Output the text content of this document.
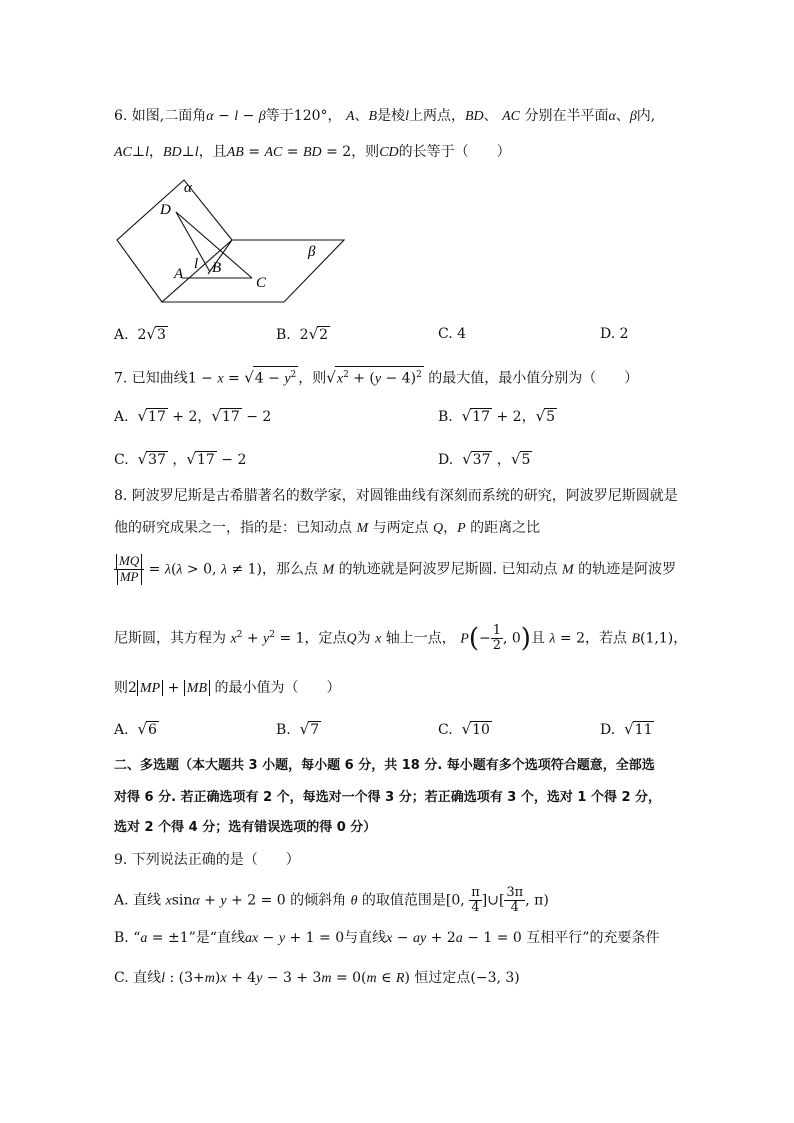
6. 如图,二面角α − l − β等于120°， A、B是棱l上两点，BD、 AC 分别在半平面α、β内,
AC⊥l，BD⊥l，且AB = AC = BD = 2，则CD的长等于（　　）
α
β
D
A
l B
C
A.  2√3	B.  2√2	C. 4	D. 2
7. 已知曲线$1 - x = √4 - y^2$ ，则$√x^2 + (y - 4)^2$ 的最大值，最小值分别为（　　）
A. √17 + 2，√17 − 2	B. √17 + 2，√5
C. √37 ，√17 − 2	D. √37 ，√5
8. 阿波罗尼斯是古希腊著名的数学家，对圆锥曲线有深刻而系统的研究，阿波罗尼斯圆就是
他的研究成果之一，指的是：已知动点 M 与两定点 Q，P 的距离之比
$\frac{MQ}{MP} = \lambda(\lambda > 0$, λ ≠ 1)，那么点 M 的轨迹就是阿波罗尼斯圆. 已知动点 M 的轨迹是阿波罗
尼斯圆，其方程为 $x^2 + y^2 = 1$，定点Q为 x 轴上一点， $P(- \frac{1}{2}$ , 0)且 λ = 2，若点 B(1,1)，
则2 MP + MB 的最小值为（　　）
A. √6	B. √7	C. √10	D. √11
二、多选题（本大题共 3 小题，每小题 6 分，共 18 分. 每小题有多个选项符合题意，全部选
对得 6 分. 若正确选项有 2 个，每选对一个得 3 分；若正确选项有 3 个，选对 1 个得 2 分，
选对 2 个得 4 分；选有错误选项的得 0 分）
9. 下列说法正确的是（　　）
A. 直线 xsinα + y + 2 = 0 的倾斜角 θ 的取值范围是[0, $\frac{\pi}{4}$ ]∪[ $\frac{3\pi}{4}$ , π)
B. “a = ±1”是“直线ax − y + 1 = 0与直线x − ay + 2a − 1 = 0 互相平行”的充要条件
C. 直线l : (3+m)x + 4y − 3 + 3m = 0(m ∈ R) 恒过定点(−3, 3)
